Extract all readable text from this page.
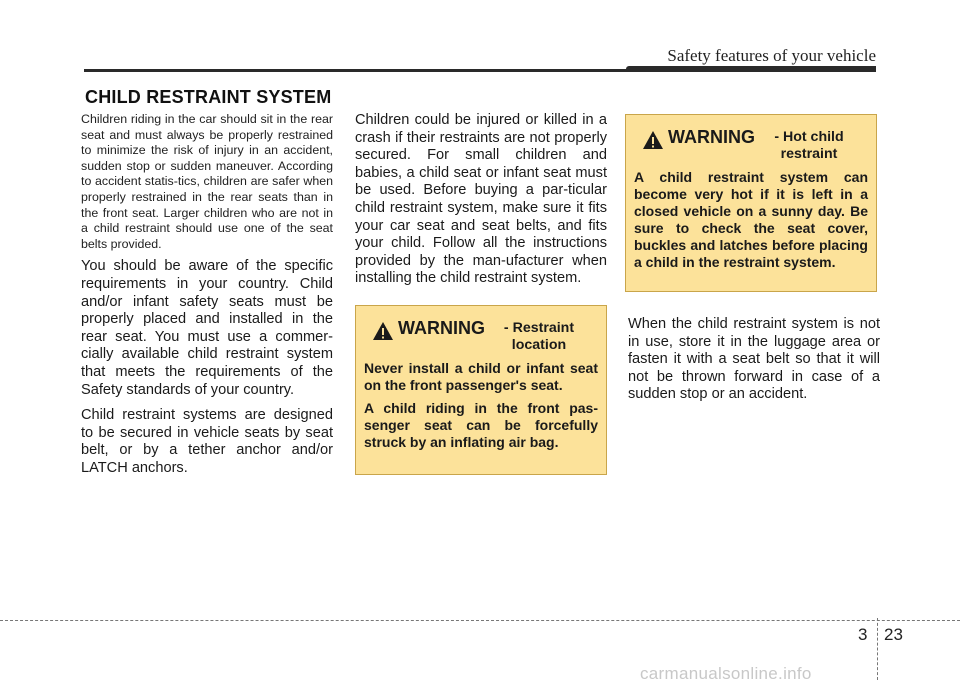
Safety features of your vehicle
CHILD RESTRAINT SYSTEM

Children riding in the car should sit in the rear seat and must always be properly restrained to minimize the risk of injury in an accident, sudden stop or sudden maneuver. According to accident statis-tics, children are safer when properly restrained in the rear seats than in the front seat. Larger children who are not in a child restraint should use one of the seat belts provided.

You should be aware of the specific requirements in your country. Child and/or infant safety seats must be properly placed and installed in the rear seat. You must use a commer-cially available child restraint system that meets the requirements of the Safety standards of your country.

Child restraint systems are designed to be secured in vehicle seats by seat belt, or by a tether anchor and/or LATCH anchors.

Children could be injured or killed in a crash if their restraints are not properly secured. For small children and babies, a child seat or infant seat must be used. Before buying a par-ticular child restraint system, make sure it fits your car seat and seat belts, and fits your child. Follow all the instructions provided by the man-ufacturer when installing the child restraint system.

WARNING	- Restraint location

Never install a child or infant seat on the front passenger's seat.

A child riding in the front pas-senger seat can be forcefully struck by an inflating air bag.

WARNING	- Hot child restraint

A child restraint system can become very hot if it is left in a closed vehicle on a sunny day. Be sure to check the seat cover, buckles and latches before placing a child in the restraint system.

When the child restraint system is not in use, store it in the luggage area or fasten it with a seat belt so that it will not be thrown forward in case of a sudden stop or an accident.

3 23
carmanualsonline.info
